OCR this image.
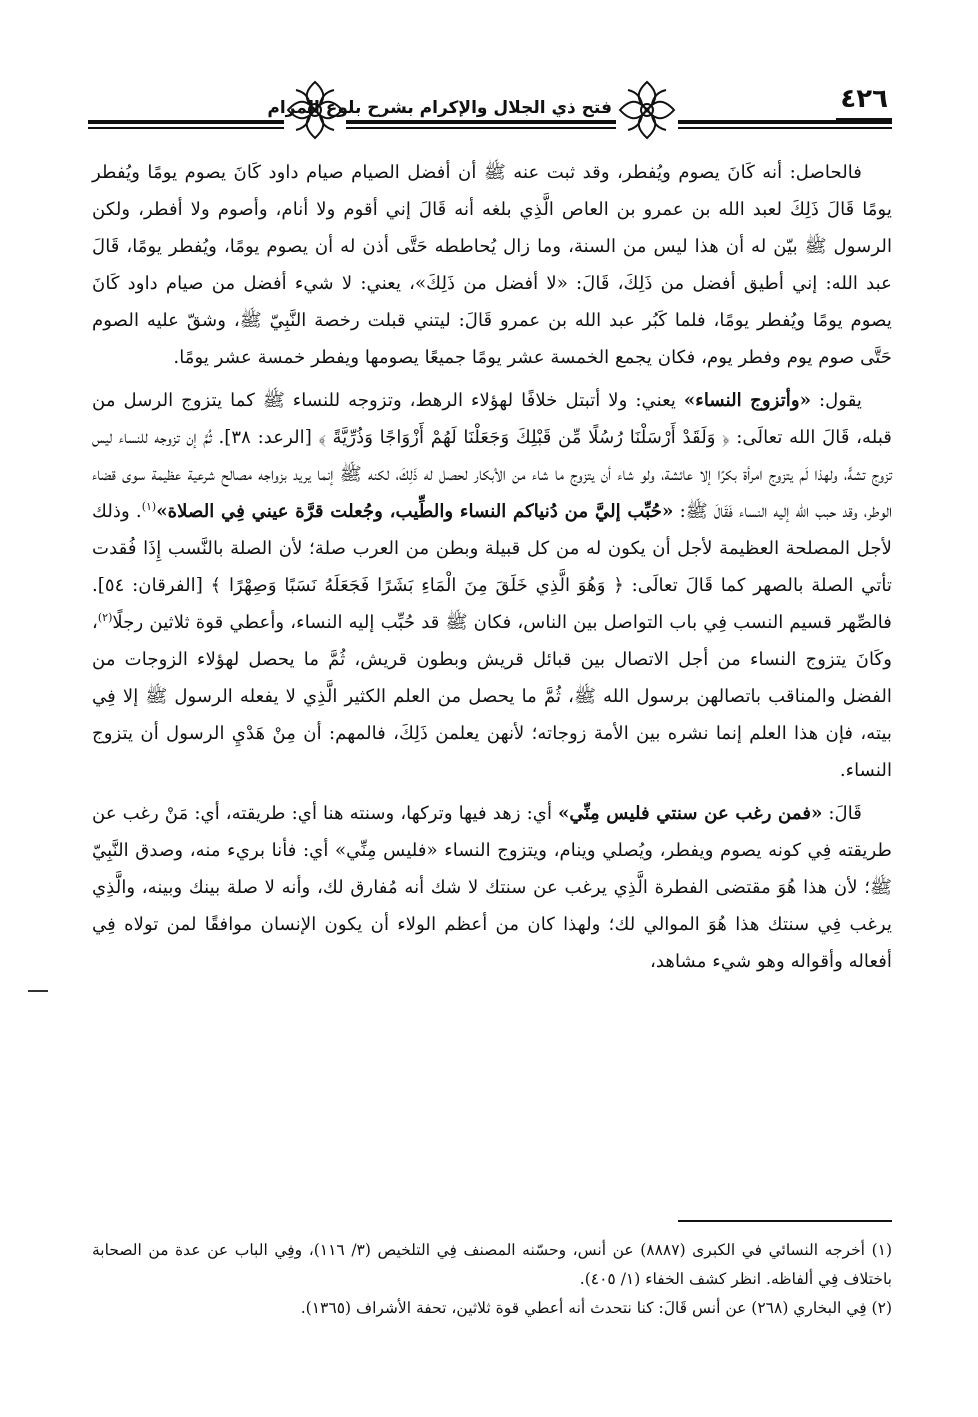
فتح ذي الجلال والإكرام بشرح بلوغ المرام	٤٢٦

فالحاصل: أنه كَانَ يصوم ويُفطر، وقد ثبت عنه ﷺ أن أفضل الصيام صيام داود كَانَ يصوم يومًا ويُفطر يومًا قَالَ ذَلِكَ لعبد الله بن عمرو بن العاص الَّذِي بلغه أنه قَالَ إني أقوم ولا أنام، وأصوم ولا أفطر، ولكن الرسول ﷺ بيّن له أن هذا ليس من السنة، وما زال يُحاططه حَتَّى أذن له أن يصوم يومًا، ويُفطر يومًا، قَالَ عبد الله: إني أطيق أفضل من ذَلِكَ، قَالَ: «لا أفضل من ذَلِكَ»، يعني: لا شيء أفضل من صيام داود كَانَ يصوم يومًا ويُفطر يومًا، فلما كَبُر عبد الله بن عمرو قَالَ: ليتني قبلت رخصة النَّبِيّ ﷺ، وشقّ عليه الصوم حَتَّى صوم يوم وفطر يوم، فكان يجمع الخمسة عشر يومًا جميعًا يصومها ويفطر خمسة عشر يومًا.

يقول: «وأتزوج النساء» يعني: ولا أتبتل خلافًا لهؤلاء الرهط، وتزوجه للنساء ﷺ كما يتزوج الرسل من قبله، قَالَ الله تعالَى: ﴿ وَلَقَدْ أَرْسَلْنَا رُسُلًا مِّن قَبْلِكَ وَجَعَلْنَا لَهُمْ أَزْوَاجًا وَذُرِّيَّةً ﴾ [الرعد: ٣٨]. ثُمَّ إن تزوجه للنساء ليس تزوج تشهٍّ، ولهذا لَم يتزوج امرأة بكرًا إلا عائشة، ولو شاء أن يتزوج ما شاء من الأبكار لحصل له ذَلِكَ، لكنه ﷺ إنما يريد بزواجه مصالح شرعية عظيمة سوى قضاء الوطر، وقد حبب الله إليه النساء فَقَالَ ﷺ: «حُبِّب إليَّ من دُنياكم النساء والطِّيب، وجُعلت قرَّة عيني فِي الصلاة»$^{(١)}$. وذلك لأجل المصلحة العظيمة لأجل أن يكون له من كل قبيلة وبطن من العرب صلة؛ لأن الصلة بالنَّسب إِذَا فُقدت تأتي الصلة بالصهر كما قَالَ تعالَى: ﴿ وَهُوَ الَّذِي خَلَقَ مِنَ الْمَاءِ بَشَرًا فَجَعَلَهُ نَسَبًا وَصِهْرًا ﴾ [الفرقان: ٥٤]. فالصِّهر قسيم النسب فِي باب التواصل بين الناس، فكان ﷺ قد حُبِّب إليه النساء، وأعطي قوة ثلاثين رجلًا$^{(٢)}$، وكَانَ يتزوج النساء من أجل الاتصال بين قبائل قريش وبطون قريش، ثُمَّ ما يحصل لهؤلاء الزوجات من الفضل والمناقب باتصالهن برسول الله ﷺ، ثُمَّ ما يحصل من العلم الكثير الَّذِي لا يفعله الرسول ﷺ إلا فِي بيته، فإن هذا العلم إنما نشره بين الأمة زوجاته؛ لأنهن يعلمن ذَلِكَ، فالمهم: أن مِنْ هَدْيِ الرسول أن يتزوج النساء.

قَالَ: «فمن رغب عن سنتي فليس مِنِّي» أي: زهد فيها وتركها، وسنته هنا أي: طريقته، أي: مَنْ رغب عن طريقته فِي كونه يصوم ويفطر، ويُصلي وينام، ويتزوج النساء «فليس مِنِّي» أي: فأنا بريء منه، وصدق النَّبِيّ ﷺ؛ لأن هذا هُوَ مقتضى الفطرة الَّذِي يرغب عن سنتك لا شك أنه مُفارق لك، وأنه لا صلة بينك وبينه، والَّذِي يرغب فِي سنتك هذا هُوَ الموالي لك؛ ولهذا كان من أعظم الولاء أن يكون الإنسان موافقًا لمن تولاه فِي أفعاله وأقواله وهو شيء مشاهد،

(١) أخرجه النسائي في الكبرى (٨٨٨٧) عن أنس، وحسّنه المصنف فِي التلخيص (٣/ ١١٦)، وفِي الباب عن عدة من الصحابة باختلاف فِي ألفاظه. انظر كشف الخفاء (١/ ٤٠٥).

(٢) فِي البخاري (٢٦٨) عن أنس قَالَ: كنا نتحدث أنه أعطي قوة ثلاثين، تحفة الأشراف (١٣٦٥).
